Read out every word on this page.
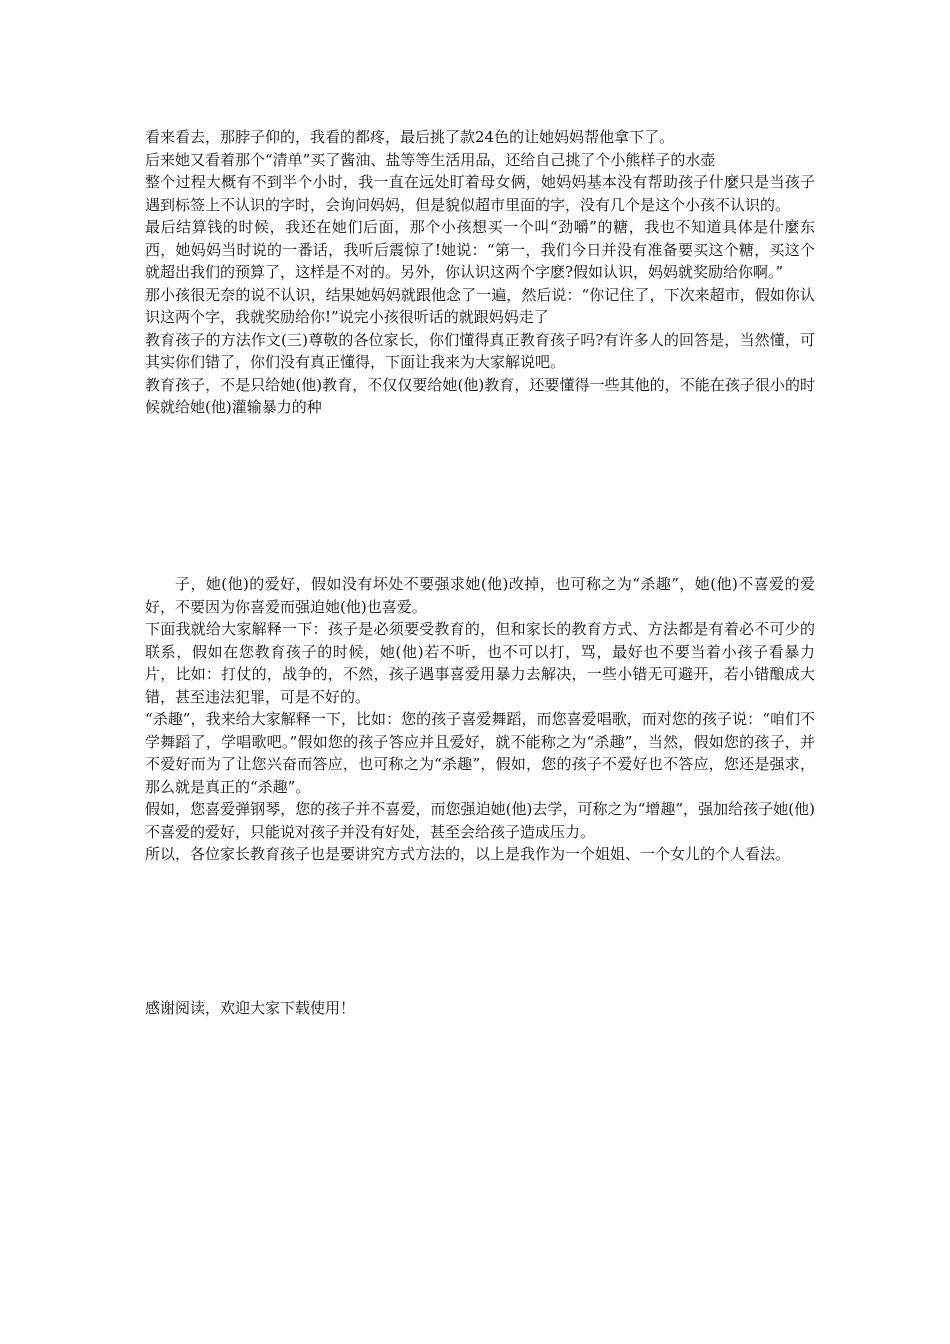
看来看去，那脖子仰的，我看的都疼，最后挑了款24色的让她妈妈帮他拿下了。

后来她又看着那个“清单”买了酱油、盐等等生活用品，还给自己挑了个小熊样子的水壶

整个过程大概有不到半个小时，我一直在远处盯着母女俩，她妈妈基本没有帮助孩子什麼只是当孩子遇到标签上不认识的字时，会询问妈妈，但是貌似超市里面的字，没有几个是这个小孩不认识的。

最后结算钱的时候，我还在她们后面，那个小孩想买一个叫“劲嚼”的糖，我也不知道具体是什麼东西，她妈妈当时说的一番话，我听后震惊了!她说：“第一，我们今日并没有准备要买这个糖，买这个就超出我们的预算了，这样是不对的。另外，你认识这两个字麽?假如认识，妈妈就奖励给你啊。”

那小孩很无奈的说不认识，结果她妈妈就跟他念了一遍，然后说：“你记住了，下次来超市，假如你认识这两个字，我就奖励给你!”说完小孩很听话的就跟妈妈走了

教育孩子的方法作文(三)尊敬的各位家长，你们懂得真正教育孩子吗?有许多人的回答是，当然懂，可其实你们错了，你们没有真正懂得，下面让我来为大家解说吧。

教育孩子，不是只给她(他)教育，不仅仅要给她(他)教育，还要懂得一些其他的，不能在孩子很小的时候就给她(他)灌输暴力的种

子，她(他)的爱好，假如没有坏处不要强求她(他)改掉，也可称之为“杀趣”，她(他)不喜爱的爱好，不要因为你喜爱而强迫她(他)也喜爱。

下面我就给大家解释一下：孩子是必须要受教育的，但和家长的教育方式、方法都是有着必不可少的联系，假如在您教育孩子的时候，她(他)若不听，也不可以打，骂，最好也不要当着小孩子看暴力片，比如：打仗的，战争的，不然，孩子遇事喜爱用暴力去解决，一些小错无可避开，若小错酿成大错，甚至违法犯罪，可是不好的。

“杀趣”，我来给大家解释一下，比如：您的孩子喜爱舞蹈，而您喜爱唱歌，而对您的孩子说：“咱们不学舞蹈了，学唱歌吧。”假如您的孩子答应并且爱好，就不能称之为“杀趣”，当然，假如您的孩子，并不爱好而为了让您兴奋而答应，也可称之为“杀趣”，假如，您的孩子不爱好也不答应，您还是强求，那么就是真正的“杀趣”。

假如，您喜爱弹钢琴，您的孩子并不喜爱，而您强迫她(他)去学，可称之为“增趣”，强加给孩子她(他)不喜爱的爱好，只能说对孩子并没有好处，甚至会给孩子造成压力。

所以，各位家长教育孩子也是要讲究方式方法的，以上是我作为一个姐姐、一个女儿的个人看法。

感谢阅读，欢迎大家下载使用！
